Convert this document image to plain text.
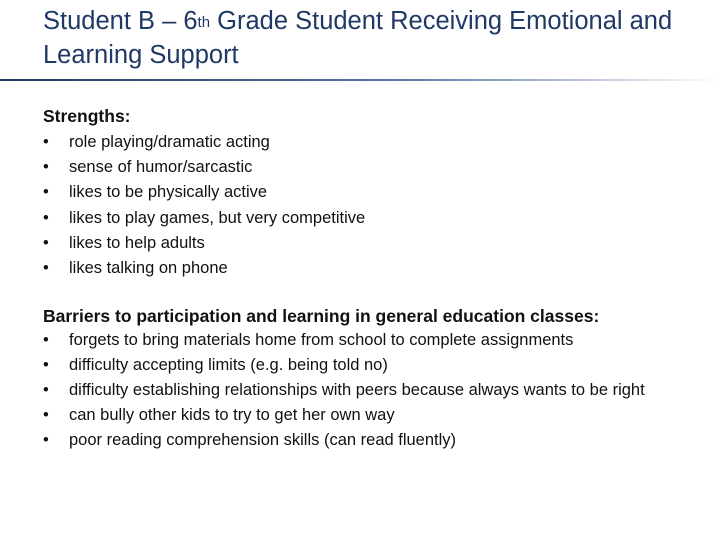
Student B – 6th Grade Student Receiving Emotional and Learning Support

Strengths:

•	role playing/dramatic acting
•	sense of humor/sarcastic
•	likes to be physically active
•	likes to play games, but very competitive
•	likes to help adults
•	likes talking on phone

Barriers to participation and learning in general education classes:

•	forgets to bring materials home from school to complete assignments
•	difficulty accepting limits (e.g. being told no)
•	difficulty establishing relationships with peers because always wants to be right
•	can bully other kids to try to get her own way
•	poor reading comprehension skills (can read fluently)
